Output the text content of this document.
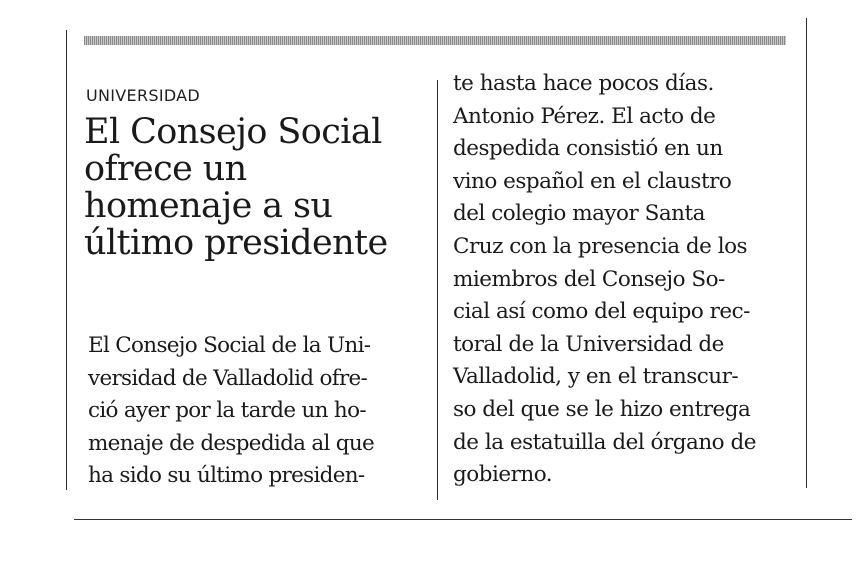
UNIVERSIDAD
El Consejo Social
ofrece un
homenaje a su
último presidente
El Consejo Social de la Uni-
versidad de Valladolid ofre-
ció ayer por la tarde un ho-
menaje de despedida al que
ha sido su último presiden-
te hasta hace pocos días.
Antonio Pérez. El acto de
despedida consistió en un
vino español en el claustro
del colegio mayor Santa
Cruz con la presencia de los
miembros del Consejo So-
cial así como del equipo rec-
toral de la Universidad de
Valladolid, y en el transcur-
so del que se le hizo entrega
de la estatuilla del órgano de
gobierno.
